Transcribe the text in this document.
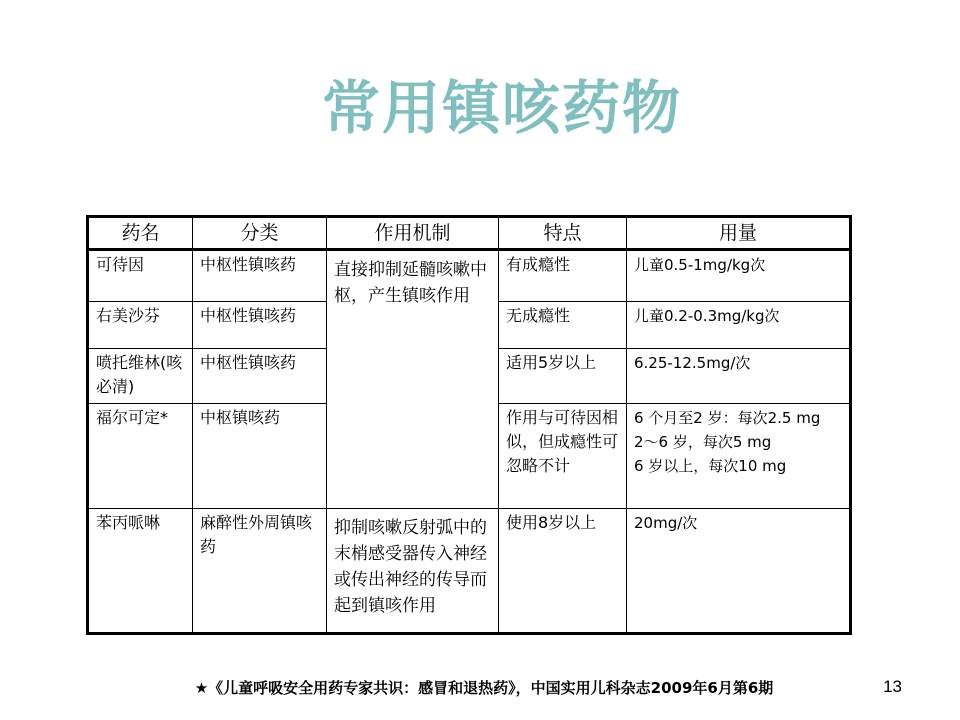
常用镇咳药物
药名	分类	作用机制	特点	用量
可待因	中枢性镇咳药	直接抑制延髓咳嗽中枢，产生镇咳作用	有成瘾性	儿童0.5-1mg/kg次

右美沙芬	中枢性镇咳药		无成瘾性	儿童0.2-0.3mg/kg次

喷托维林(咳必清)	中枢性镇咳药		适用5岁以上	6.25-12.5mg/次

福尔可定*	中枢镇咳药		作用与可待因相似，但成瘾性可忽略不计	6 个月至2 岁：每次2.5 mg
2～6 岁，每次5 mg
6 岁以上，每次10 mg

苯丙哌啉	麻醉性外周镇咳药	抑制咳嗽反射弧中的末梢感受器传入神经或传出神经的传导而起到镇咳作用	使用8岁以上	20mg/次
★《儿童呼吸安全用药专家共识：感冒和退热药》，中国实用儿科杂志2009年6月第6期	13
